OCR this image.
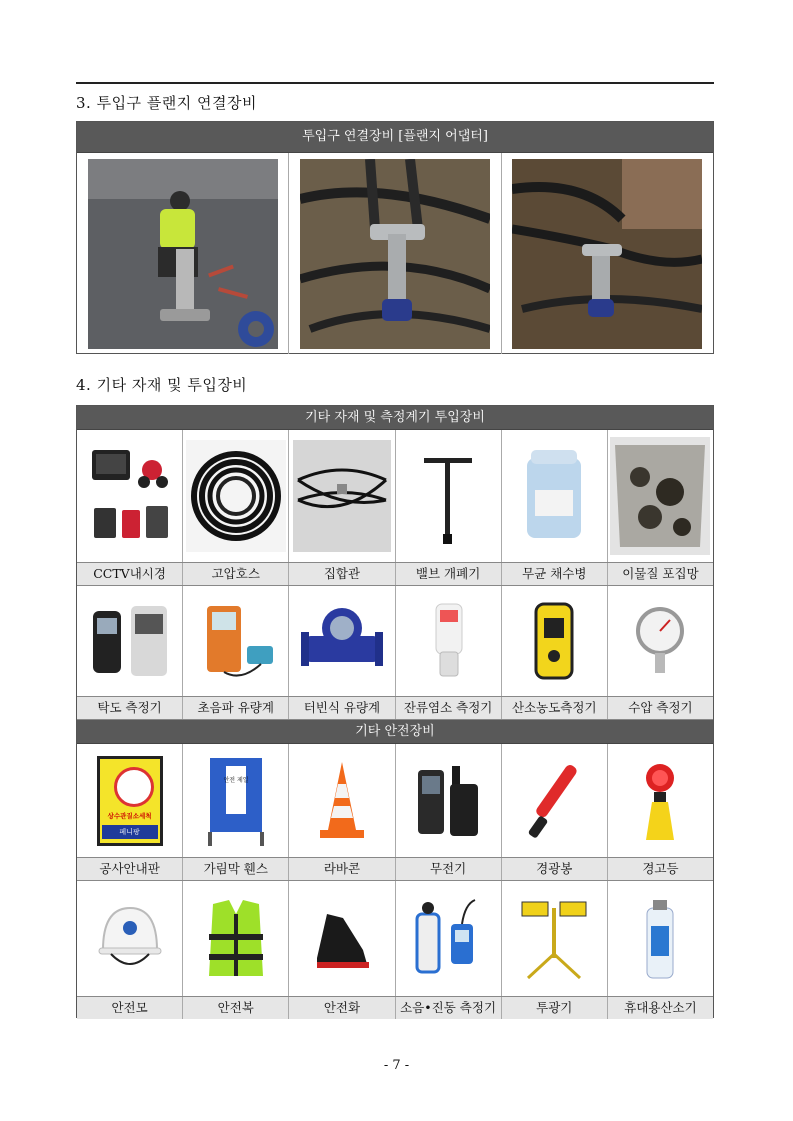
3. 투입구 플랜지 연결장비
투입구 연결장비 [플랜지 어댑터]
4. 기타 자재 및 투입장비
기타 자재 및 측정계기 투입장비
CCTV내시경	고압호스	집합관	밸브 개폐기	무균 채수병	이물질 포집망
탁도 측정기	초음파 유량계	터빈식 유량계	잔류염소 측정기	산소농도측정기	수압 측정기
기타 안전장비
상수관질소세척
페니팡
안전 제일
공사안내판	가림막 휀스	라바콘	무전기	경광봉	경고등
안전모	안전복	안전화	소음•진동 측정기	투광기	휴대용산소기
- 7 -
